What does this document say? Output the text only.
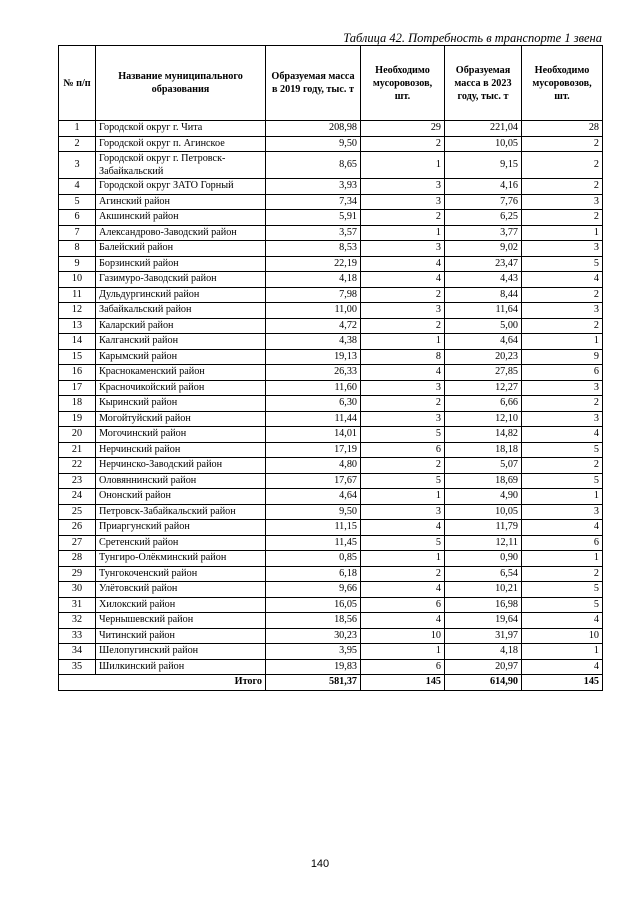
Таблица 42. Потребность в транспорте 1 звена
№ п/п	Название муниципального образования	Образуемая масса в 2019 году, тыс. т	Необходимо мусоровозов, шт.	Образуемая масса в 2023 году, тыс. т	Необходимо мусоровозов, шт.
1	Городской округ г. Чита	208,98	29	221,04	28
2	Городской округ п. Агинское	9,50	2	10,05	2
3	Городской округ г. Петровск-Забайкальский	8,65	1	9,15	2
4	Городской округ ЗАТО Горный	3,93	3	4,16	2
5	Агинский район	7,34	3	7,76	3
6	Акшинский район	5,91	2	6,25	2
7	Александрово-Заводский район	3,57	1	3,77	1
8	Балейский район	8,53	3	9,02	3
9	Борзинский район	22,19	4	23,47	5
10	Газимуро-Заводский район	4,18	4	4,43	4
11	Дульдургинский район	7,98	2	8,44	2
12	Забайкальский район	11,00	3	11,64	3
13	Каларский район	4,72	2	5,00	2
14	Калганский район	4,38	1	4,64	1
15	Карымский район	19,13	8	20,23	9
16	Краснокаменский район	26,33	4	27,85	6
17	Красночикойский район	11,60	3	12,27	3
18	Кыринский район	6,30	2	6,66	2
19	Могойтуйский район	11,44	3	12,10	3
20	Могочинский район	14,01	5	14,82	4
21	Нерчинский район	17,19	6	18,18	5
22	Нерчинско-Заводский район	4,80	2	5,07	2
23	Оловяннинский район	17,67	5	18,69	5
24	Ононский район	4,64	1	4,90	1
25	Петровск-Забайкальский район	9,50	3	10,05	3
26	Приаргунский район	11,15	4	11,79	4
27	Сретенский район	11,45	5	12,11	6
28	Тунгиро-Олёкминский район	0,85	1	0,90	1
29	Тунгокоченский район	6,18	2	6,54	2
30	Улётовский район	9,66	4	10,21	5
31	Хилокский район	16,05	6	16,98	5
32	Чернышевский район	18,56	4	19,64	4
33	Читинский район	30,23	10	31,97	10
34	Шелопугинский район	3,95	1	4,18	1
35	Шилкинский район	19,83	6	20,97	4
Итого		581,37	145	614,90	145
140
